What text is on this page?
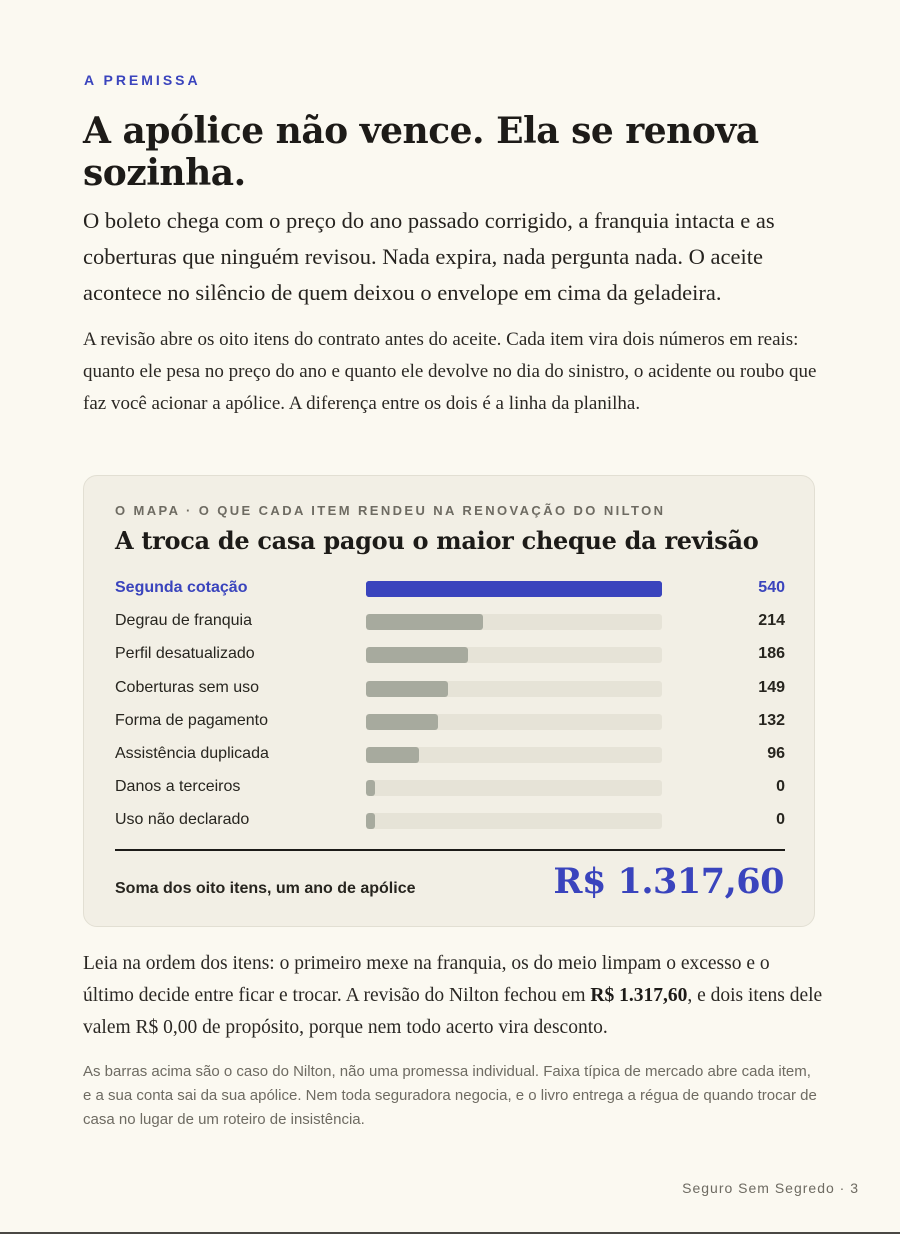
A PREMISSA
A apólice não vence. Ela se renova sozinha.
O boleto chega com o preço do ano passado corrigido, a franquia intacta e as coberturas que ninguém revisou. Nada expira, nada pergunta nada. O aceite acontece no silêncio de quem deixou o envelope em cima da geladeira.
A revisão abre os oito itens do contrato antes do aceite. Cada item vira dois números em reais: quanto ele pesa no preço do ano e quanto ele devolve no dia do sinistro, o acidente ou roubo que faz você acionar a apólice. A diferença entre os dois é a linha da planilha.
O MAPA · O QUE CADA ITEM RENDEU NA RENOVAÇÃO DO NILTON
A troca de casa pagou o maior cheque da revisão
Segunda cotação	540
Degrau de franquia	214
Perfil desatualizado	186
Coberturas sem uso	149
Forma de pagamento	132
Assistência duplicada	96
Danos a terceiros	0
Uso não declarado	0
Soma dos oito itens, um ano de apólice	R$ 1.317,60
Leia na ordem dos itens: o primeiro mexe na franquia, os do meio limpam o excesso e o último decide entre ficar e trocar. A revisão do Nilton fechou em R$ 1.317,60, e dois itens dele valem R$ 0,00 de propósito, porque nem todo acerto vira desconto.
As barras acima são o caso do Nilton, não uma promessa individual. Faixa típica de mercado abre cada item, e a sua conta sai da sua apólice. Nem toda seguradora negocia, e o livro entrega a régua de quando trocar de casa no lugar de um roteiro de insistência.
Seguro Sem Segredo · 3
